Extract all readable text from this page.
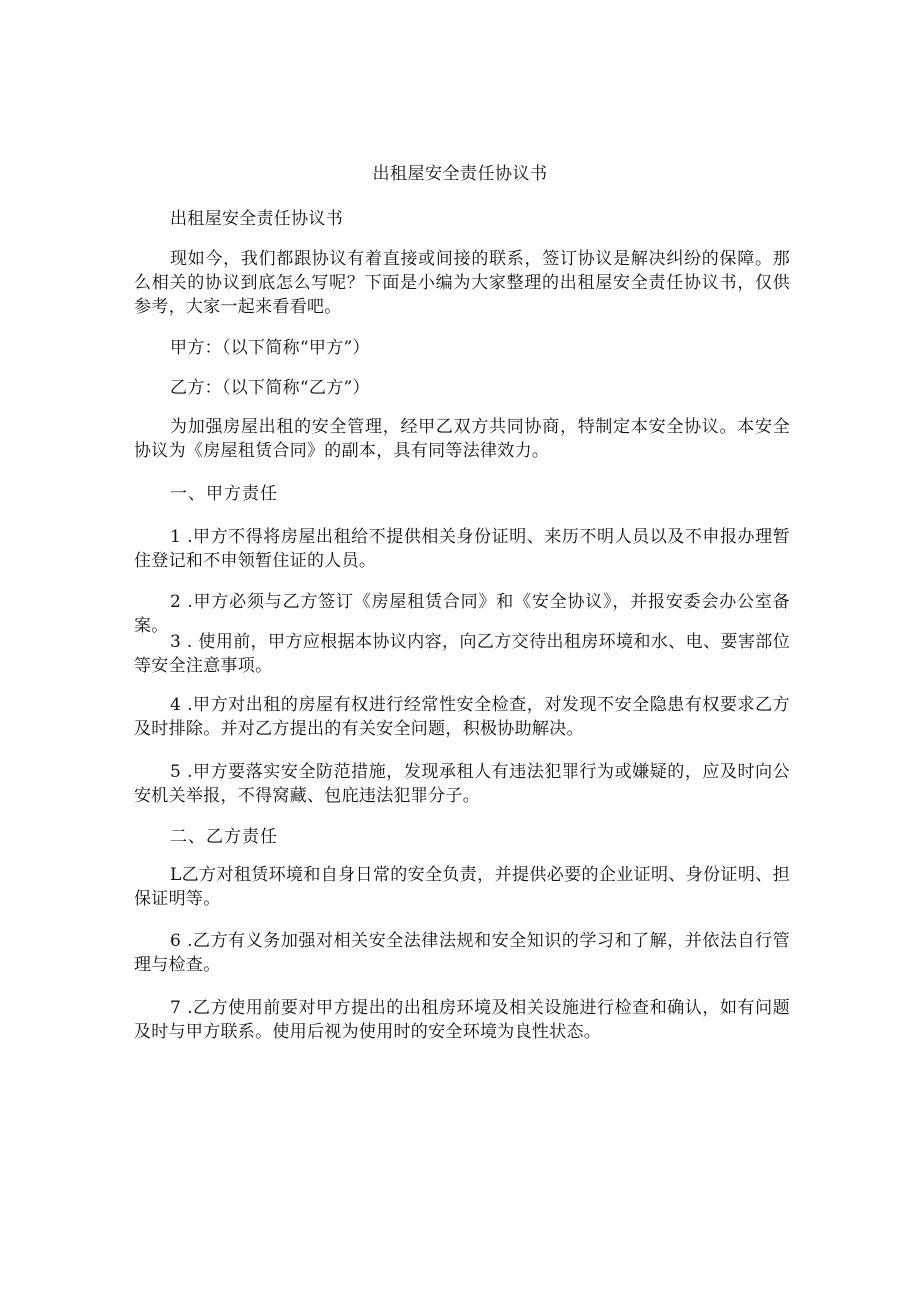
出租屋安全责任协议书

出租屋安全责任协议书

现如今，我们都跟协议有着直接或间接的联系，签订协议是解决纠纷的保障。那么相关的协议到底怎么写呢？下面是小编为大家整理的出租屋安全责任协议书，仅供参考，大家一起来看看吧。

甲方：（以下简称“甲方”）

乙方：（以下简称“乙方”）

为加强房屋出租的安全管理，经甲乙双方共同协商，特制定本安全协议。本安全协议为《房屋租赁合同》的副本，具有同等法律效力。

一、甲方责任

1 .甲方不得将房屋出租给不提供相关身份证明、来历不明人员以及不申报办理暂住登记和不申领暂住证的人员。

2 .甲方必须与乙方签订《房屋租赁合同》和《安全协议》，并报安委会办公室备案。

3 . 使用前，甲方应根据本协议内容，向乙方交待出租房环境和水、电、要害部位等安全注意事项。

4 .甲方对出租的房屋有权进行经常性安全检查，对发现不安全隐患有权要求乙方及时排除。并对乙方提出的有关安全问题，积极协助解决。

5 .甲方要落实安全防范措施，发现承租人有违法犯罪行为或嫌疑的，应及时向公安机关举报，不得窝藏、包庇违法犯罪分子。

二、乙方责任

L乙方对租赁环境和自身日常的安全负责，并提供必要的企业证明、身份证明、担保证明等。

6 .乙方有义务加强对相关安全法律法规和安全知识的学习和了解，并依法自行管理与检查。

7 .乙方使用前要对甲方提出的出租房环境及相关设施进行检查和确认，如有问题及时与甲方联系。使用后视为使用时的安全环境为良性状态。
